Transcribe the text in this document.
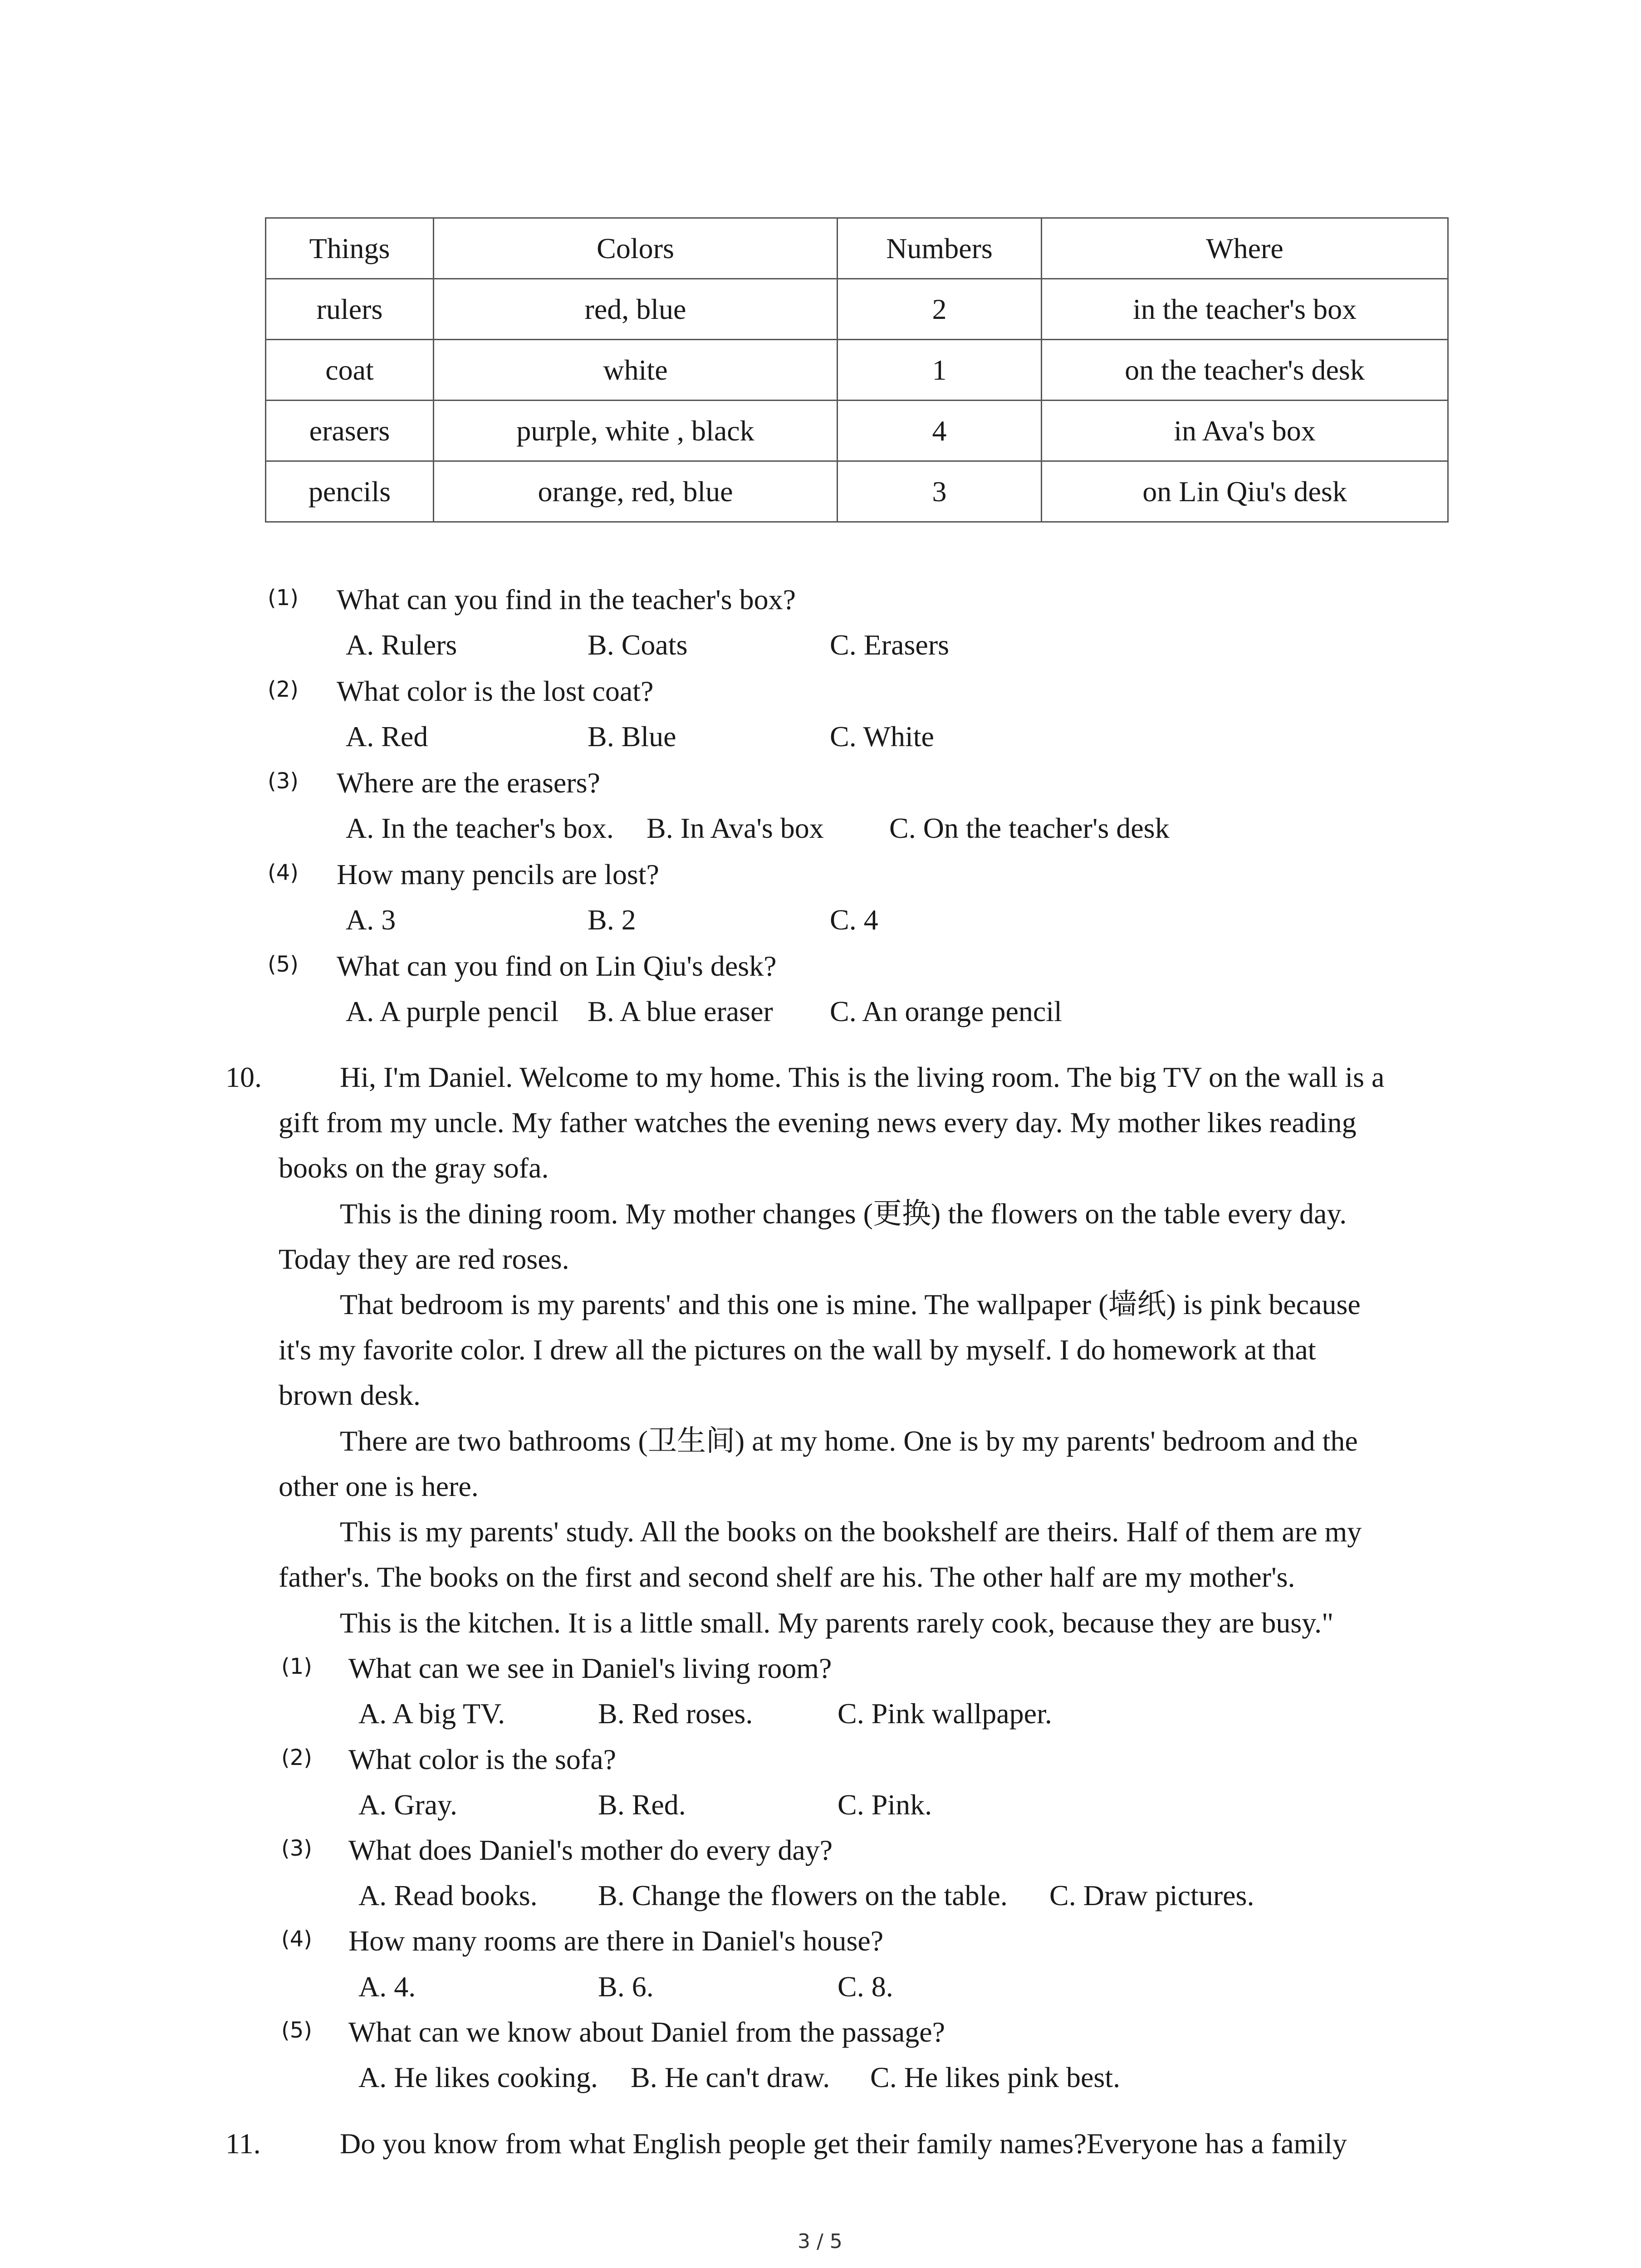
Things	Colors	Numbers	Where
rulers	red, blue	2	in the teacher's box
coat	white	1	on the teacher's desk
erasers	purple, white , black	4	in Ava's box
pencils	orange, red, blue	3	on Lin Qiu's desk
(1) What can you find in the teacher's box?
A. Rulers	B. Coats	C. Erasers
(2) What color is the lost coat?
A. Red	B. Blue	C. White
(3) Where are the erasers?
A. In the teacher's box. B. In Ava's box C. On the teacher's desk
(4) How many pencils are lost?
A. 3	B. 2	C. 4
(5) What can you find on Lin Qiu's desk?
A. A purple pencil B. A blue eraser C. An orange pencil
10.	Hi, I'm Daniel. Welcome to my home. This is the living room. The big TV on the wall is a
gift from my uncle. My father watches the evening news every day. My mother likes reading
books on the gray sofa.
This is the dining room. My mother changes (更换) the flowers on the table every day.
Today they are red roses.
That bedroom is my parents' and this one is mine. The wallpaper (墙纸) is pink because
it's my favorite color. I drew all the pictures on the wall by myself. I do homework at that
brown desk.
There are two bathrooms (卫生间) at my home. One is by my parents' bedroom and the
other one is here.
This is my parents' study. All the books on the bookshelf are theirs. Half of them are my
father's. The books on the first and second shelf are his. The other half are my mother's.
This is the kitchen. It is a little small. My parents rarely cook, because they are busy."
(1) What can we see in Daniel's living room?
A. A big TV.	B. Red roses.	C. Pink wallpaper.
(2) What color is the sofa?
A. Gray.	B. Red.	C. Pink.
(3) What does Daniel's mother do every day?
A. Read books. B. Change the flowers on the table. C. Draw pictures.
(4) How many rooms are there in Daniel's house?
A. 4.	B. 6.	C. 8.
(5) What can we know about Daniel from the passage?
A. He likes cooking. B. He can't draw. C. He likes pink best.
11.	Do you know from what English people get their family names?Everyone has a family
3 / 5
